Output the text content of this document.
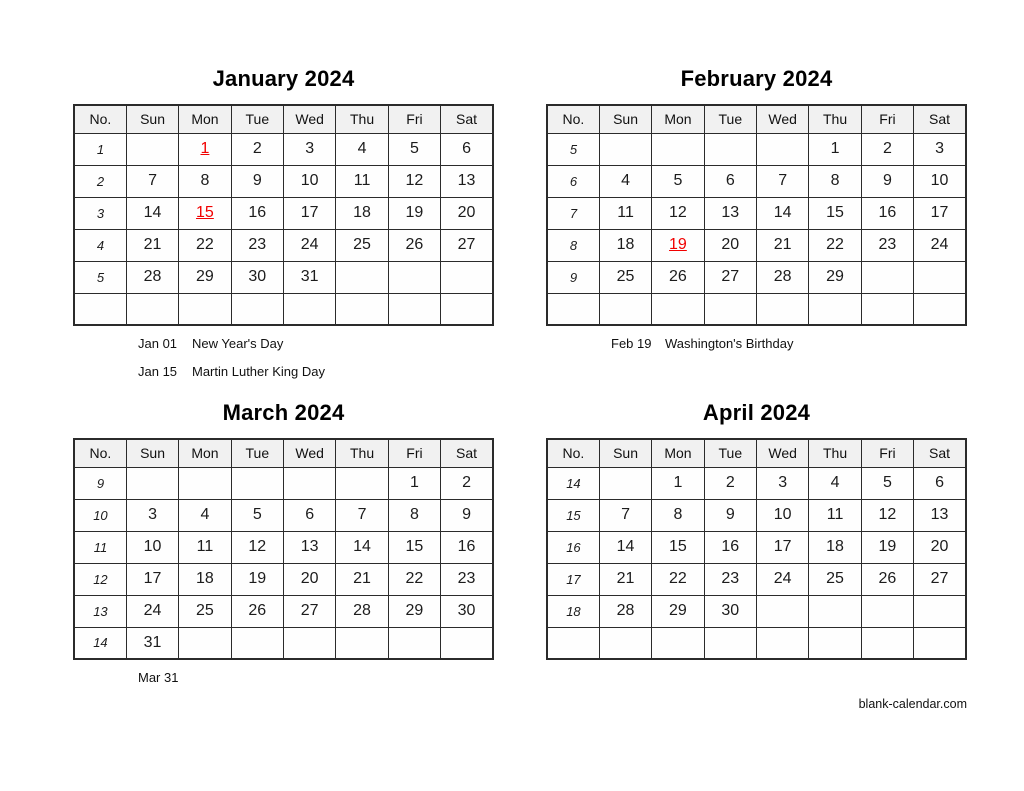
January 2024
No.	Sun	Mon	Tue	Wed	Thu	Fri	Sat
1		1	2	3	4	5	6
2	7	8	9	10	11	12	13
3	14	15	16	17	18	19	20
4	21	22	23	24	25	26	27
5	28	29	30	31			

Jan 01 New Year's Day
Jan 15 Martin Luther King Day
February 2024
No.	Sun	Mon	Tue	Wed	Thu	Fri	Sat
5					1	2	3
6	4	5	6	7	8	9	10
7	11	12	13	14	15	16	17
8	18	19	20	21	22	23	24
9	25	26	27	28	29		

Feb 19 Washington's Birthday
March 2024
No.	Sun	Mon	Tue	Wed	Thu	Fri	Sat
9						1	2
10	3	4	5	6	7	8	9
11	10	11	12	13	14	15	16
12	17	18	19	20	21	22	23
13	24	25	26	27	28	29	30
14	31						
Mar 31
April 2024
No.	Sun	Mon	Tue	Wed	Thu	Fri	Sat
14		1	2	3	4	5	6
15	7	8	9	10	11	12	13
16	14	15	16	17	18	19	20
17	21	22	23	24	25	26	27
18	28	29	30				

blank-calendar.com
